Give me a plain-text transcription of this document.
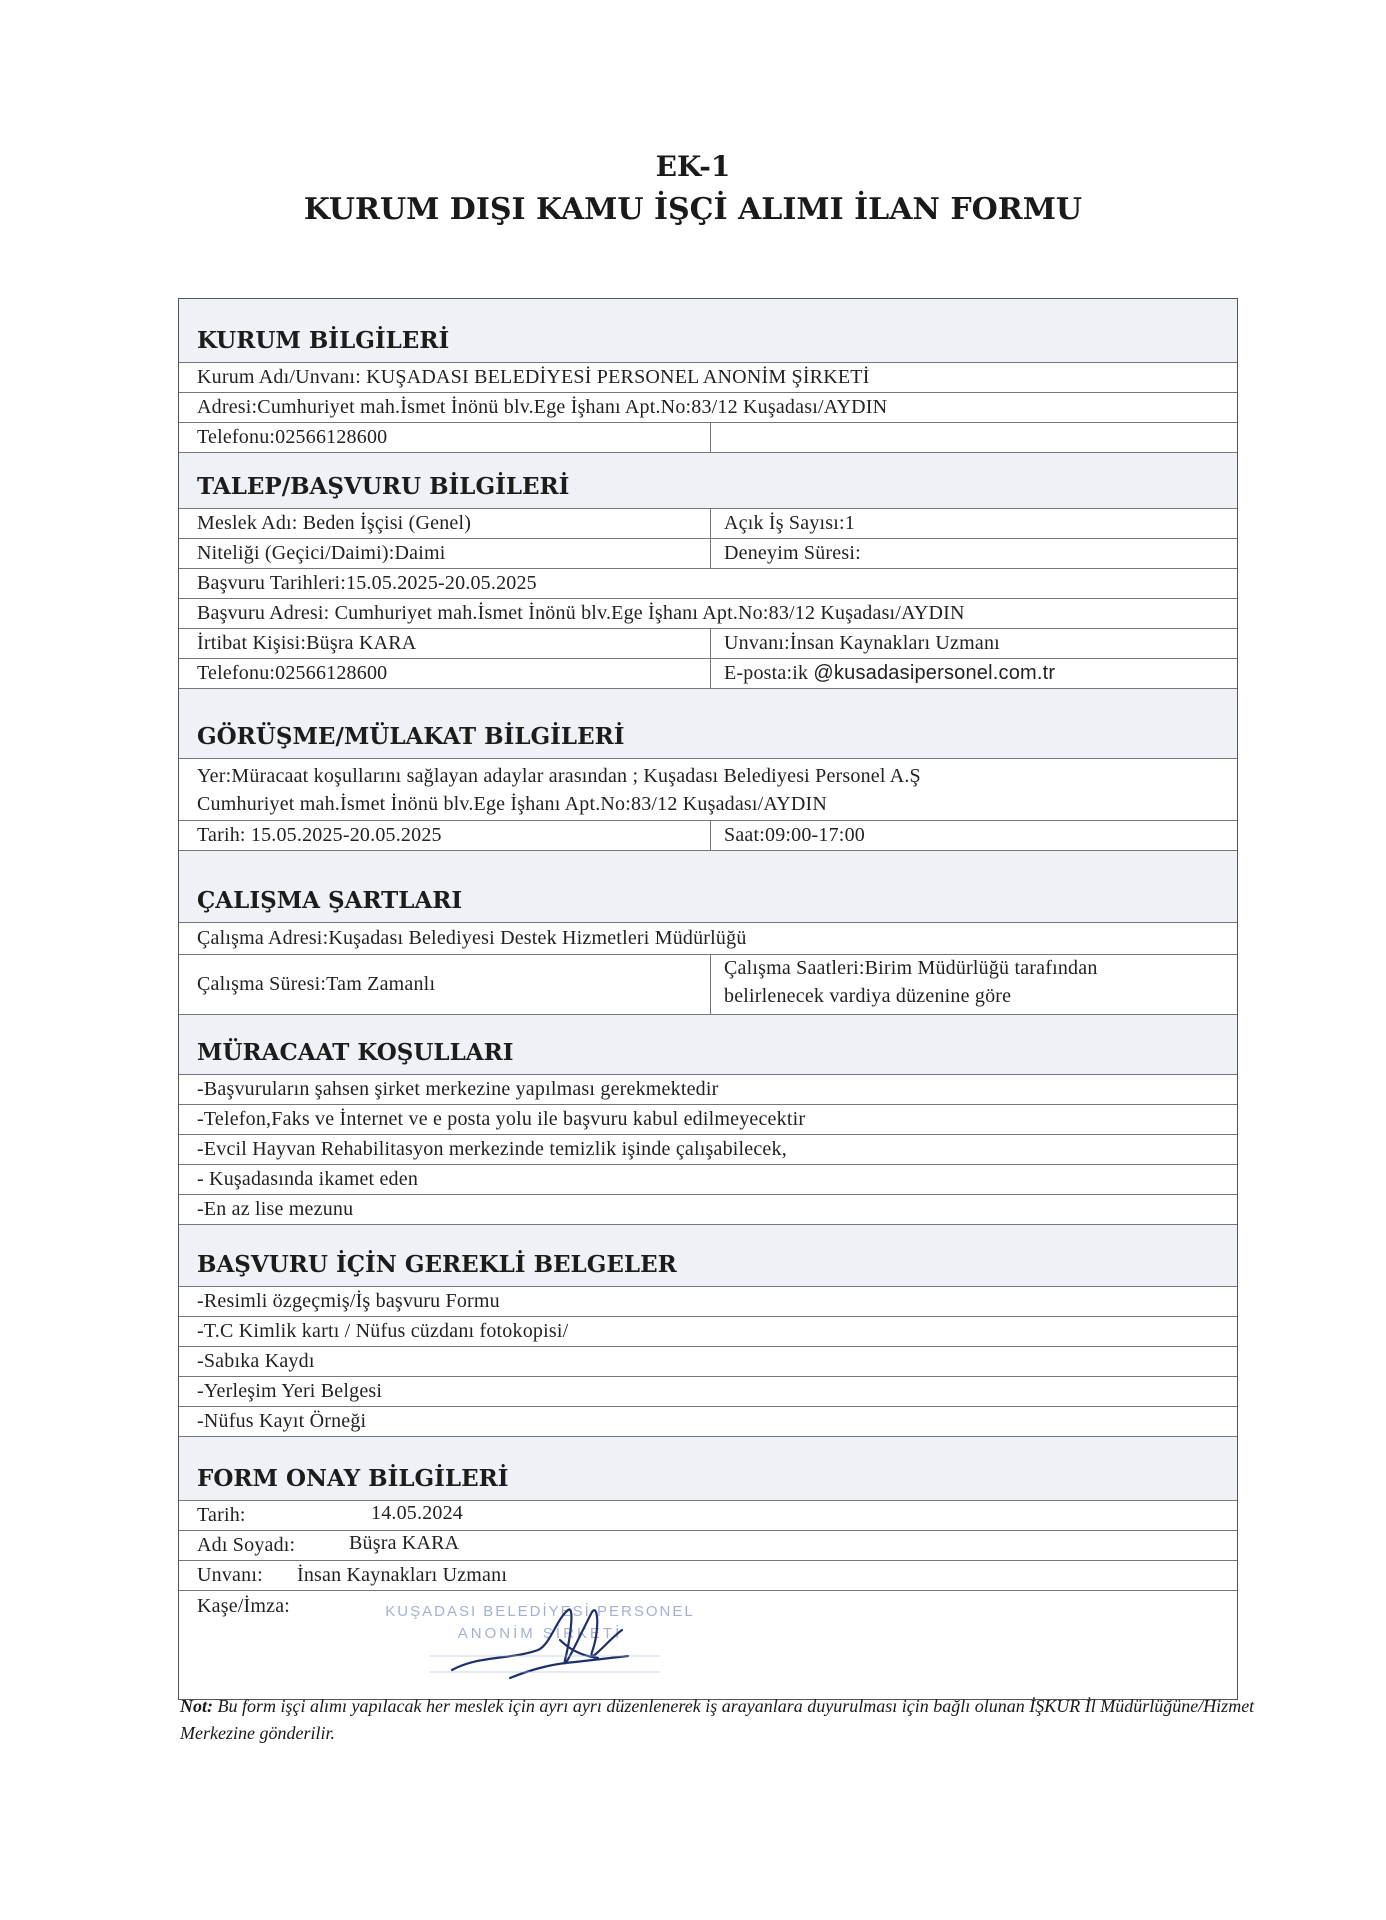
EK-1
KURUM DIŞI KAMU İŞÇİ ALIMI İLAN FORMU
KURUM BİLGİLERİ
Kurum Adı/Unvanı: KUŞADASI BELEDİYESİ PERSONEL ANONİM ŞİRKETİ
Adresi:Cumhuriyet mah.İsmet İnönü blv.Ege İşhanı Apt.No:83/12 Kuşadası/AYDIN
Telefonu:02566128600
TALEP/BAŞVURU BİLGİLERİ
Meslek Adı: Beden İşçisi (Genel)	Açık İş Sayısı:1
Niteliği (Geçici/Daimi):Daimi	Deneyim Süresi:
Başvuru Tarihleri:15.05.2025-20.05.2025
Başvuru Adresi: Cumhuriyet mah.İsmet İnönü blv.Ege İşhanı Apt.No:83/12 Kuşadası/AYDIN
İrtibat Kişisi:Büşra KARA	Unvanı:İnsan Kaynakları Uzmanı
Telefonu:02566128600	E-posta:ik @kusadasipersonel.com.tr
GÖRÜŞME/MÜLAKAT BİLGİLERİ
Yer:Müracaat koşullarını sağlayan adaylar arasından ; Kuşadası Belediyesi Personel A.Ş
Cumhuriyet mah.İsmet İnönü blv.Ege İşhanı Apt.No:83/12 Kuşadası/AYDIN
Tarih: 15.05.2025-20.05.2025	Saat:09:00-17:00
ÇALIŞMA ŞARTLARI
Çalışma Adresi:Kuşadası Belediyesi Destek Hizmetleri Müdürlüğü
Çalışma Süresi:Tam Zamanlı
Çalışma Saatleri:Birim Müdürlüğü tarafından
belirlenecek vardiya düzenine göre
MÜRACAAT KOŞULLARI
-Başvuruların şahsen şirket merkezine yapılması gerekmektedir
-Telefon,Faks ve İnternet ve e posta yolu ile başvuru kabul edilmeyecektir
-Evcil Hayvan Rehabilitasyon merkezinde temizlik işinde çalışabilecek,
- Kuşadasında ikamet eden
-En az lise mezunu
BAŞVURU İÇİN GEREKLİ BELGELER
-Resimli özgeçmiş/İş başvuru Formu
-T.C Kimlik kartı / Nüfus cüzdanı fotokopisi/
-Sabıka Kaydı
-Yerleşim Yeri Belgesi
-Nüfus Kayıt Örneği
FORM ONAY BİLGİLERİ
Tarih:	14.05.2024
Adı Soyadı:	Büşra KARA
Unvanı: İnsan Kaynakları Uzmanı
Kaşe/İmza:	KUŞADASI BELEDİYESİ PERSONEL
ANONİM ŞİRKETİ
Not: Bu form işçi alımı yapılacak her meslek için ayrı ayrı düzenlenerek iş arayanlara duyurulması için bağlı olunan İŞKUR İl Müdürlüğüne/Hizmet Merkezine gönderilir.
